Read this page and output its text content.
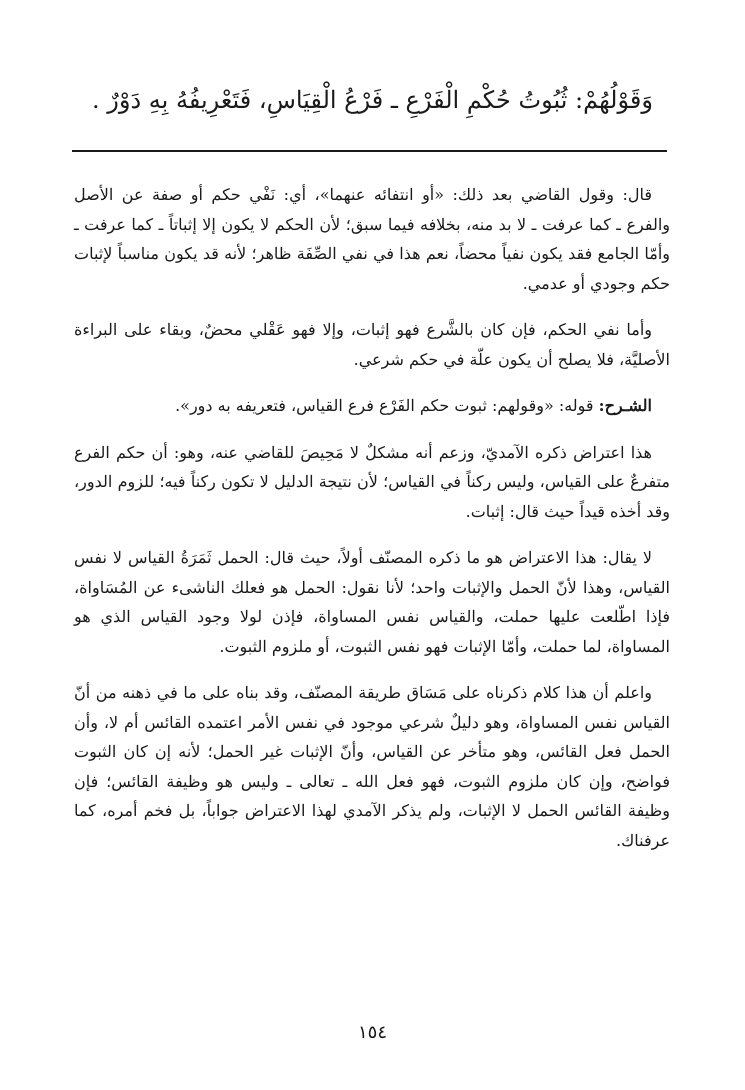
وَقَوْلُهُمْ: ثُبُوتُ حُكْمِ الْفَرْعِ ـ فَرْعُ الْقِيَاسِ، فَتَعْرِيفُهُ بِهِ دَوْرٌ .

قال: وقول القاضي بعد ذلك: «أو انتفائه عنهما»، أي: نَفْي حكم أو صفة عن الأصل والفرع ـ كما عرفت ـ لا بد منه، بخلافه فيما سبق؛ لأن الحكم لا يكون إلا إثباتاً ـ كما عرفت ـ وأمّا الجامع فقد يكون نفياً محضاً، نعم هذا في نفي الصِّفَة ظاهر؛ لأنه قد يكون مناسباً لإثبات حكم وجودي أو عدمي.

وأما نفي الحكم، فإن كان بالشَّرع فهو إثبات، وإلا فهو عَقْلي محضٌ، وبقاء على البراءة الأصليَّة، فلا يصلح أن يكون علّة في حكم شرعي.

الشـرح: قوله: «وقولهم: ثبوت حكم الفَرْع فرع القياس، فتعريفه به دور».

هذا اعتراض ذكره الآمديّ، وزعم أنه مشكلٌ لا مَحِيصَ للقاضي عنه، وهو: أن حكم الفرع متفرعٌ على القياس، وليس ركناً في القياس؛ لأن نتيجة الدليل لا تكون ركناً فيه؛ للزوم الدور، وقد أخذه قيداً حيث قال: إثبات.

لا يقال: هذا الاعتراض هو ما ذكره المصنّف أولاً، حيث قال: الحمل ثَمَرَةُ القياس لا نفس القياس، وهذا لأنّ الحمل والإثبات واحد؛ لأنا نقول: الحمل هو فعلك الناشىء عن المُسَاواة، فإذا اطّلعت عليها حملت، والقياس نفس المساواة، فإذن لولا وجود القياس الذي هو المساواة، لما حملت، وأمّا الإثبات فهو نفس الثبوت، أو ملزوم الثبوت.

واعلم أن هذا كلام ذكرناه على مَسَاق طريقة المصنّف، وقد بناه على ما في ذهنه من أنّ القياس نفس المساواة، وهو دليلٌ شرعي موجود في نفس الأمر اعتمده القائس أم لا، وأن الحمل فعل القائس، وهو متأخر عن القياس، وأنّ الإثبات غير الحمل؛ لأنه إن كان الثبوت فواضح، وإن كان ملزوم الثبوت، فهو فعل الله ـ تعالى ـ وليس هو وظيفة القائس؛ فإن وظيفة القائس الحمل لا الإثبات، ولم يذكر الآمدي لهذا الاعتراض جواباً، بل فخم أمره، كما عرفناك.

١٥٤
